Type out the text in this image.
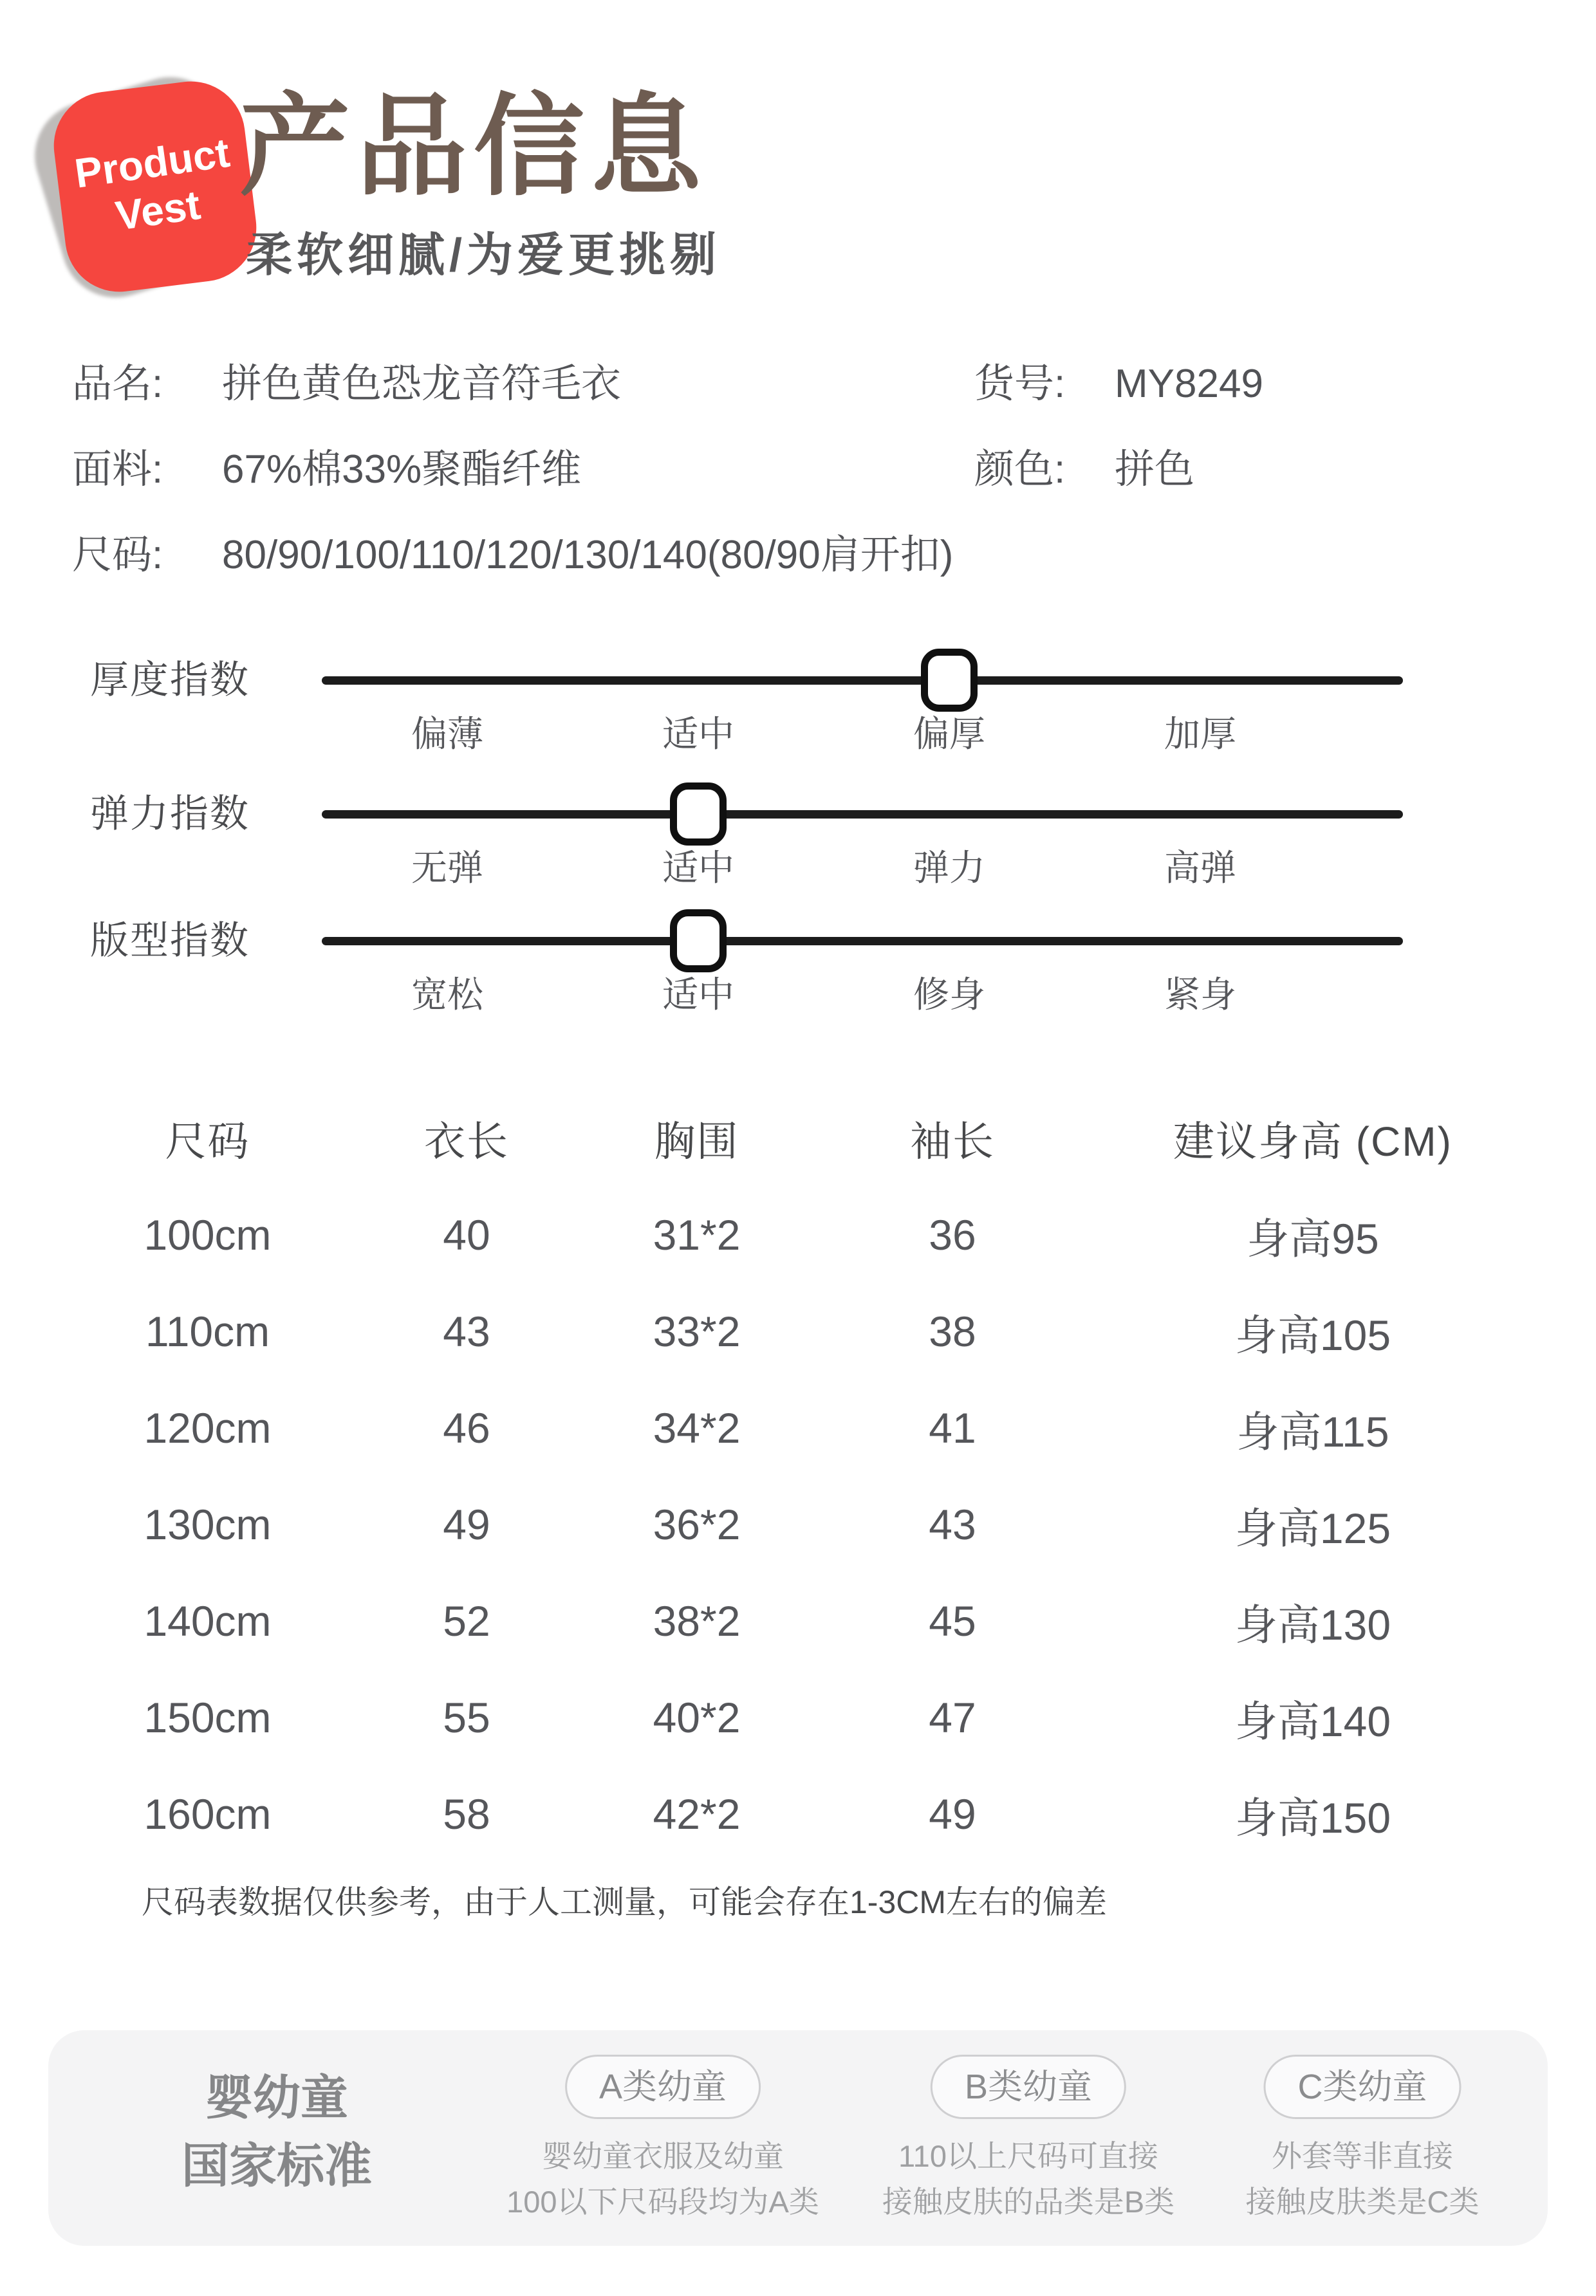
Product
Vest
产品信息
柔软细腻/为爱更挑剔
品名: 拼色黄色恐龙音符毛衣	货号: MY8249
面料: 67%棉33%聚酯纤维	颜色: 拼色
尺码: 80/90/100/110/120/130/140(80/90肩开扣)
厚度指数
偏薄	适中	偏厚	加厚
弹力指数
无弹	适中	弹力	高弹
版型指数
宽松	适中	修身	紧身
尺码	衣长	胸围	袖长	建议身高 (CM)
100cm	40	31*2	36	身高95
110cm	43	33*2	38	身高105
120cm	46	34*2	41	身高115
130cm	49	36*2	43	身高125
140cm	52	38*2	45	身高130
150cm	55	40*2	47	身高140
160cm	58	42*2	49	身高150
尺码表数据仅供参考，由于人工测量，可能会存在1-3CM左右的偏差
婴幼童
国家标准
A类幼童
婴幼童衣服及幼童
100以下尺码段均为A类
B类幼童
110以上尺码可直接
接触皮肤的品类是B类
C类幼童
外套等非直接
接触皮肤类是C类
